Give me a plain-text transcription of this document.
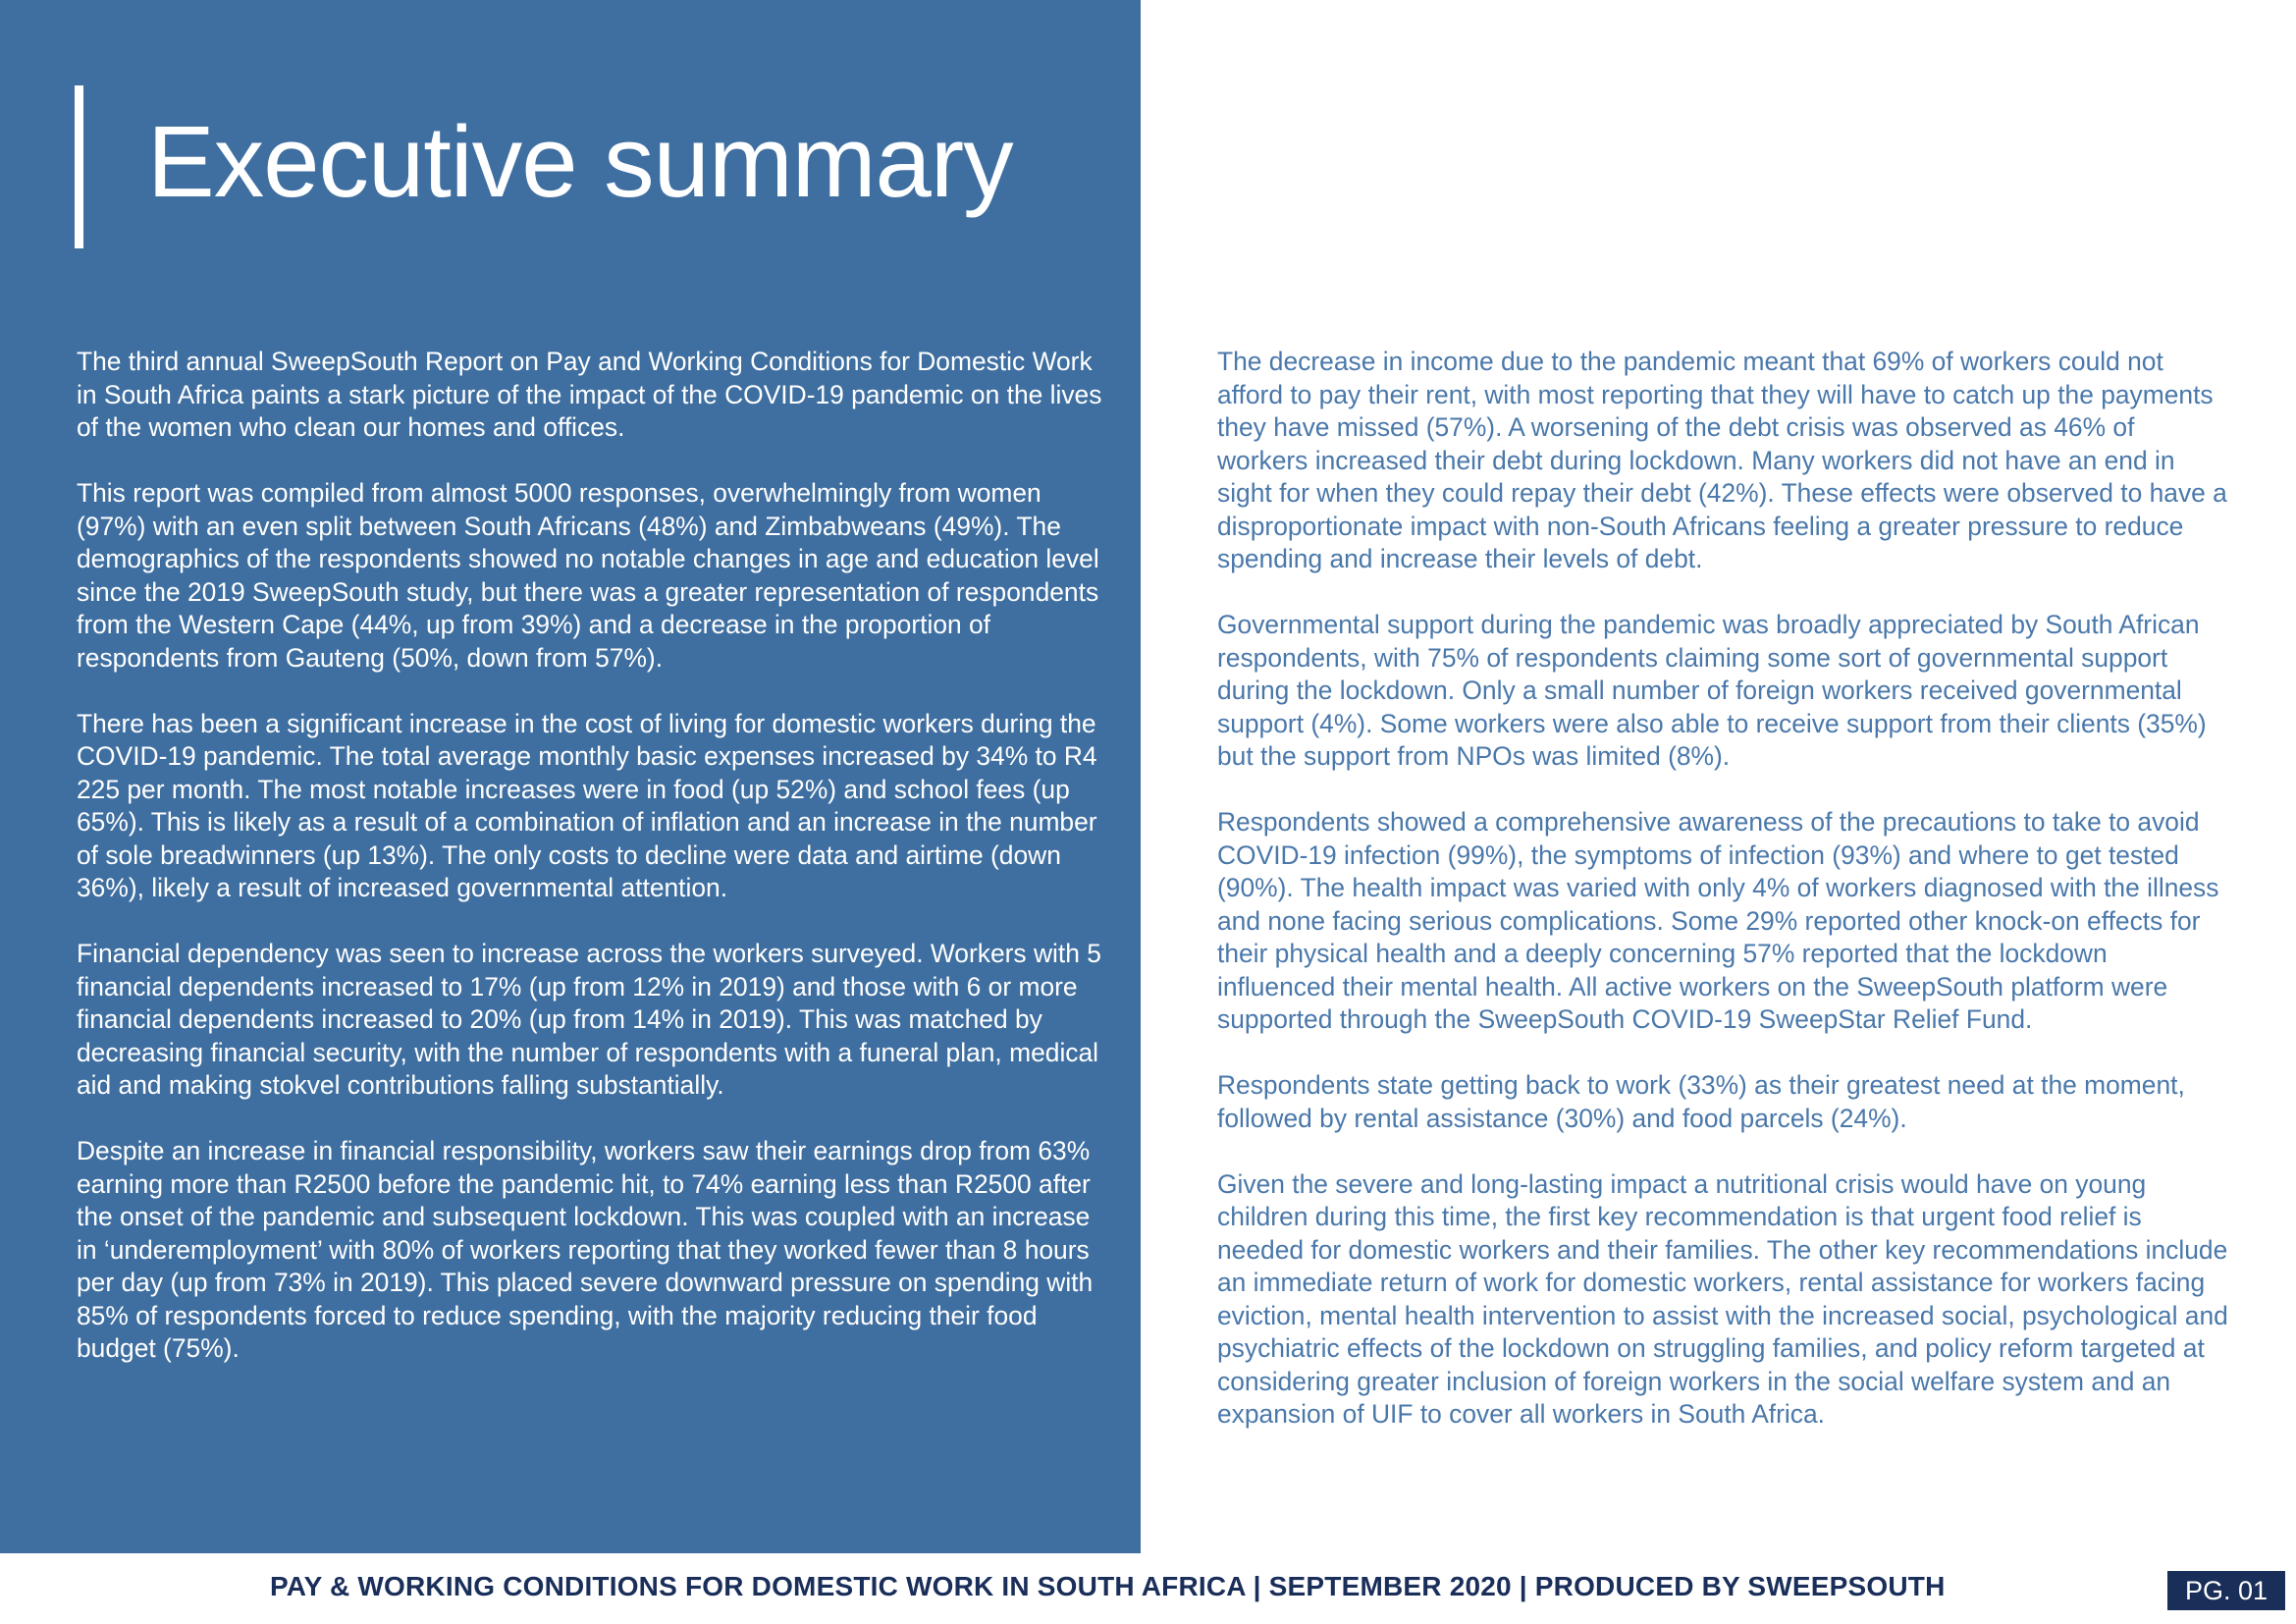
Executive summary

The third annual SweepSouth Report on Pay and Working Conditions for Domestic Work in South Africa paints a stark picture of the impact of the COVID-19 pandemic on the lives of the women who clean our homes and offices.

This report was compiled from almost 5000 responses, overwhelmingly from women (97%) with an even split between South Africans (48%) and Zimbabweans (49%). The demographics of the respondents showed no notable changes in age and education level since the 2019 SweepSouth study, but there was a greater representation of respondents from the Western Cape (44%, up from 39%) and a decrease in the proportion of respondents from Gauteng (50%, down from 57%).

There has been a significant increase in the cost of living for domestic workers during the COVID-19 pandemic. The total average monthly basic expenses increased by 34% to R4 225 per month. The most notable increases were in food (up 52%) and school fees (up 65%). This is likely as a result of a combination of inflation and an increase in the number of sole breadwinners (up 13%). The only costs to decline were data and airtime (down 36%), likely a result of increased governmental attention.

Financial dependency was seen to increase across the workers surveyed. Workers with 5 financial dependents increased to 17% (up from 12% in 2019) and those with 6 or more financial dependents increased to 20% (up from 14% in 2019). This was matched by decreasing financial security, with the number of respondents with a funeral plan, medical aid and making stokvel contributions falling substantially.

Despite an increase in financial responsibility, workers saw their earnings drop from 63% earning more than R2500 before the pandemic hit, to 74% earning less than R2500 after the onset of the pandemic and subsequent lockdown. This was coupled with an increase in ‘underemployment’ with 80% of workers reporting that they worked fewer than 8 hours per day (up from 73% in 2019). This placed severe downward pressure on spending with 85% of respondents forced to reduce spending, with the majority reducing their food budget (75%).

The decrease in income due to the pandemic meant that 69% of workers could not afford to pay their rent, with most reporting that they will have to catch up the payments they have missed (57%). A worsening of the debt crisis was observed as 46% of workers increased their debt during lockdown. Many workers did not have an end in sight for when they could repay their debt (42%). These effects were observed to have a disproportionate impact with non-South Africans feeling a greater pressure to reduce spending and increase their levels of debt.

Governmental support during the pandemic was broadly appreciated by South African respondents, with 75% of respondents claiming some sort of governmental support during the lockdown. Only a small number of foreign workers received governmental support (4%). Some workers were also able to receive support from their clients (35%) but the support from NPOs was limited (8%).

Respondents showed a comprehensive awareness of the precautions to take to avoid COVID-19 infection (99%), the symptoms of infection (93%) and where to get tested (90%). The health impact was varied with only 4% of workers diagnosed with the illness and none facing serious complications. Some 29% reported other knock-on effects for their physical health and a deeply concerning 57% reported that the lockdown influenced their mental health. All active workers on the SweepSouth platform were supported through the SweepSouth COVID-19 SweepStar Relief Fund.

Respondents state getting back to work (33%) as their greatest need at the moment, followed by rental assistance (30%) and food parcels (24%).

Given the severe and long-lasting impact a nutritional crisis would have on young children during this time, the first key recommendation is that urgent food relief is needed for domestic workers and their families. The other key recommendations include an immediate return of work for domestic workers, rental assistance for workers facing eviction, mental health intervention to assist with the increased social, psychological and psychiatric effects of the lockdown on struggling families, and policy reform targeted at considering greater inclusion of foreign workers in the social welfare system and an expansion of UIF to cover all workers in South Africa.

PAY & WORKING CONDITIONS FOR DOMESTIC WORK IN SOUTH AFRICA | SEPTEMBER 2020 | PRODUCED BY SWEEPSOUTH	PG. 01
